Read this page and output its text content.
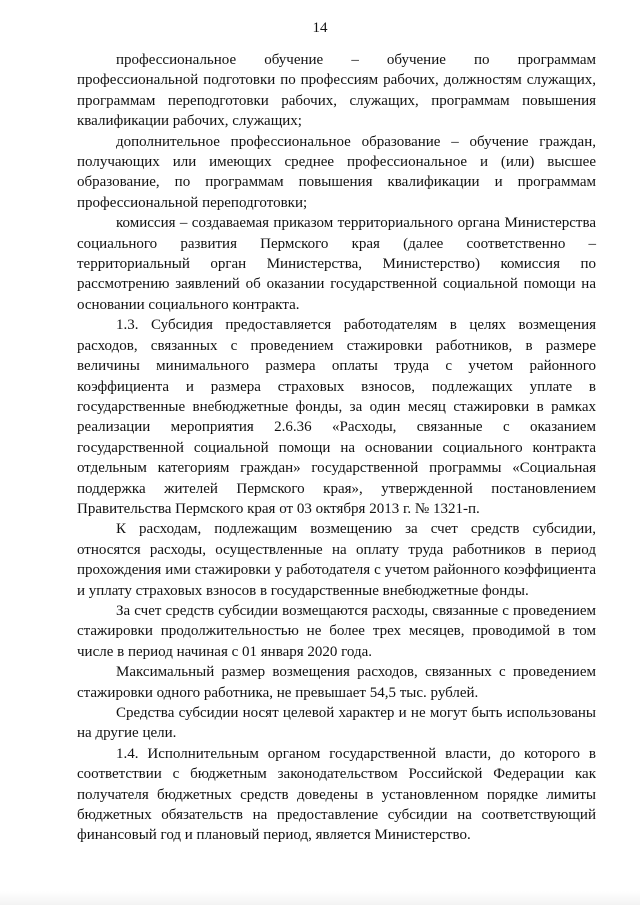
14

профессиональное обучение – обучение по программам профессиональной подготовки по профессиям рабочих, должностям служащих, программам переподготовки рабочих, служащих, программам повышения квалификации рабочих, служащих;

дополнительное профессиональное образование – обучение граждан, получающих или имеющих среднее профессиональное и (или) высшее образование, по программам повышения квалификации и программам профессиональной переподготовки;

комиссия – создаваемая приказом территориального органа Министерства социального развития Пермского края (далее соответственно – территориальный орган Министерства, Министерство) комиссия по рассмотрению заявлений об оказании государственной социальной помощи на основании социального контракта.

1.3. Субсидия предоставляется работодателям в целях возмещения расходов, связанных с проведением стажировки работников, в размере величины минимального размера оплаты труда с учетом районного коэффициента и размера страховых взносов, подлежащих уплате в государственные внебюджетные фонды, за один месяц стажировки в рамках реализации мероприятия 2.6.36 «Расходы, связанные с оказанием государственной социальной помощи на основании социального контракта отдельным категориям граждан» государственной программы «Социальная поддержка жителей Пермского края», утвержденной постановлением Правительства Пермского края от 03 октября 2013 г. № 1321-п.

К расходам, подлежащим возмещению за счет средств субсидии, относятся расходы, осуществленные на оплату труда работников в период прохождения ими стажировки у работодателя с учетом районного коэффициента и уплату страховых взносов в государственные внебюджетные фонды.

За счет средств субсидии возмещаются расходы, связанные с проведением стажировки продолжительностью не более трех месяцев, проводимой в том числе в период начиная с 01 января 2020 года.

Максимальный размер возмещения расходов, связанных с проведением стажировки одного работника, не превышает 54,5 тыс. рублей.

Средства субсидии носят целевой характер и не могут быть использованы на другие цели.

1.4. Исполнительным органом государственной власти, до которого в соответствии с бюджетным законодательством Российской Федерации как получателя бюджетных средств доведены в установленном порядке лимиты бюджетных обязательств на предоставление субсидии на соответствующий финансовый год и плановый период, является Министерство.
